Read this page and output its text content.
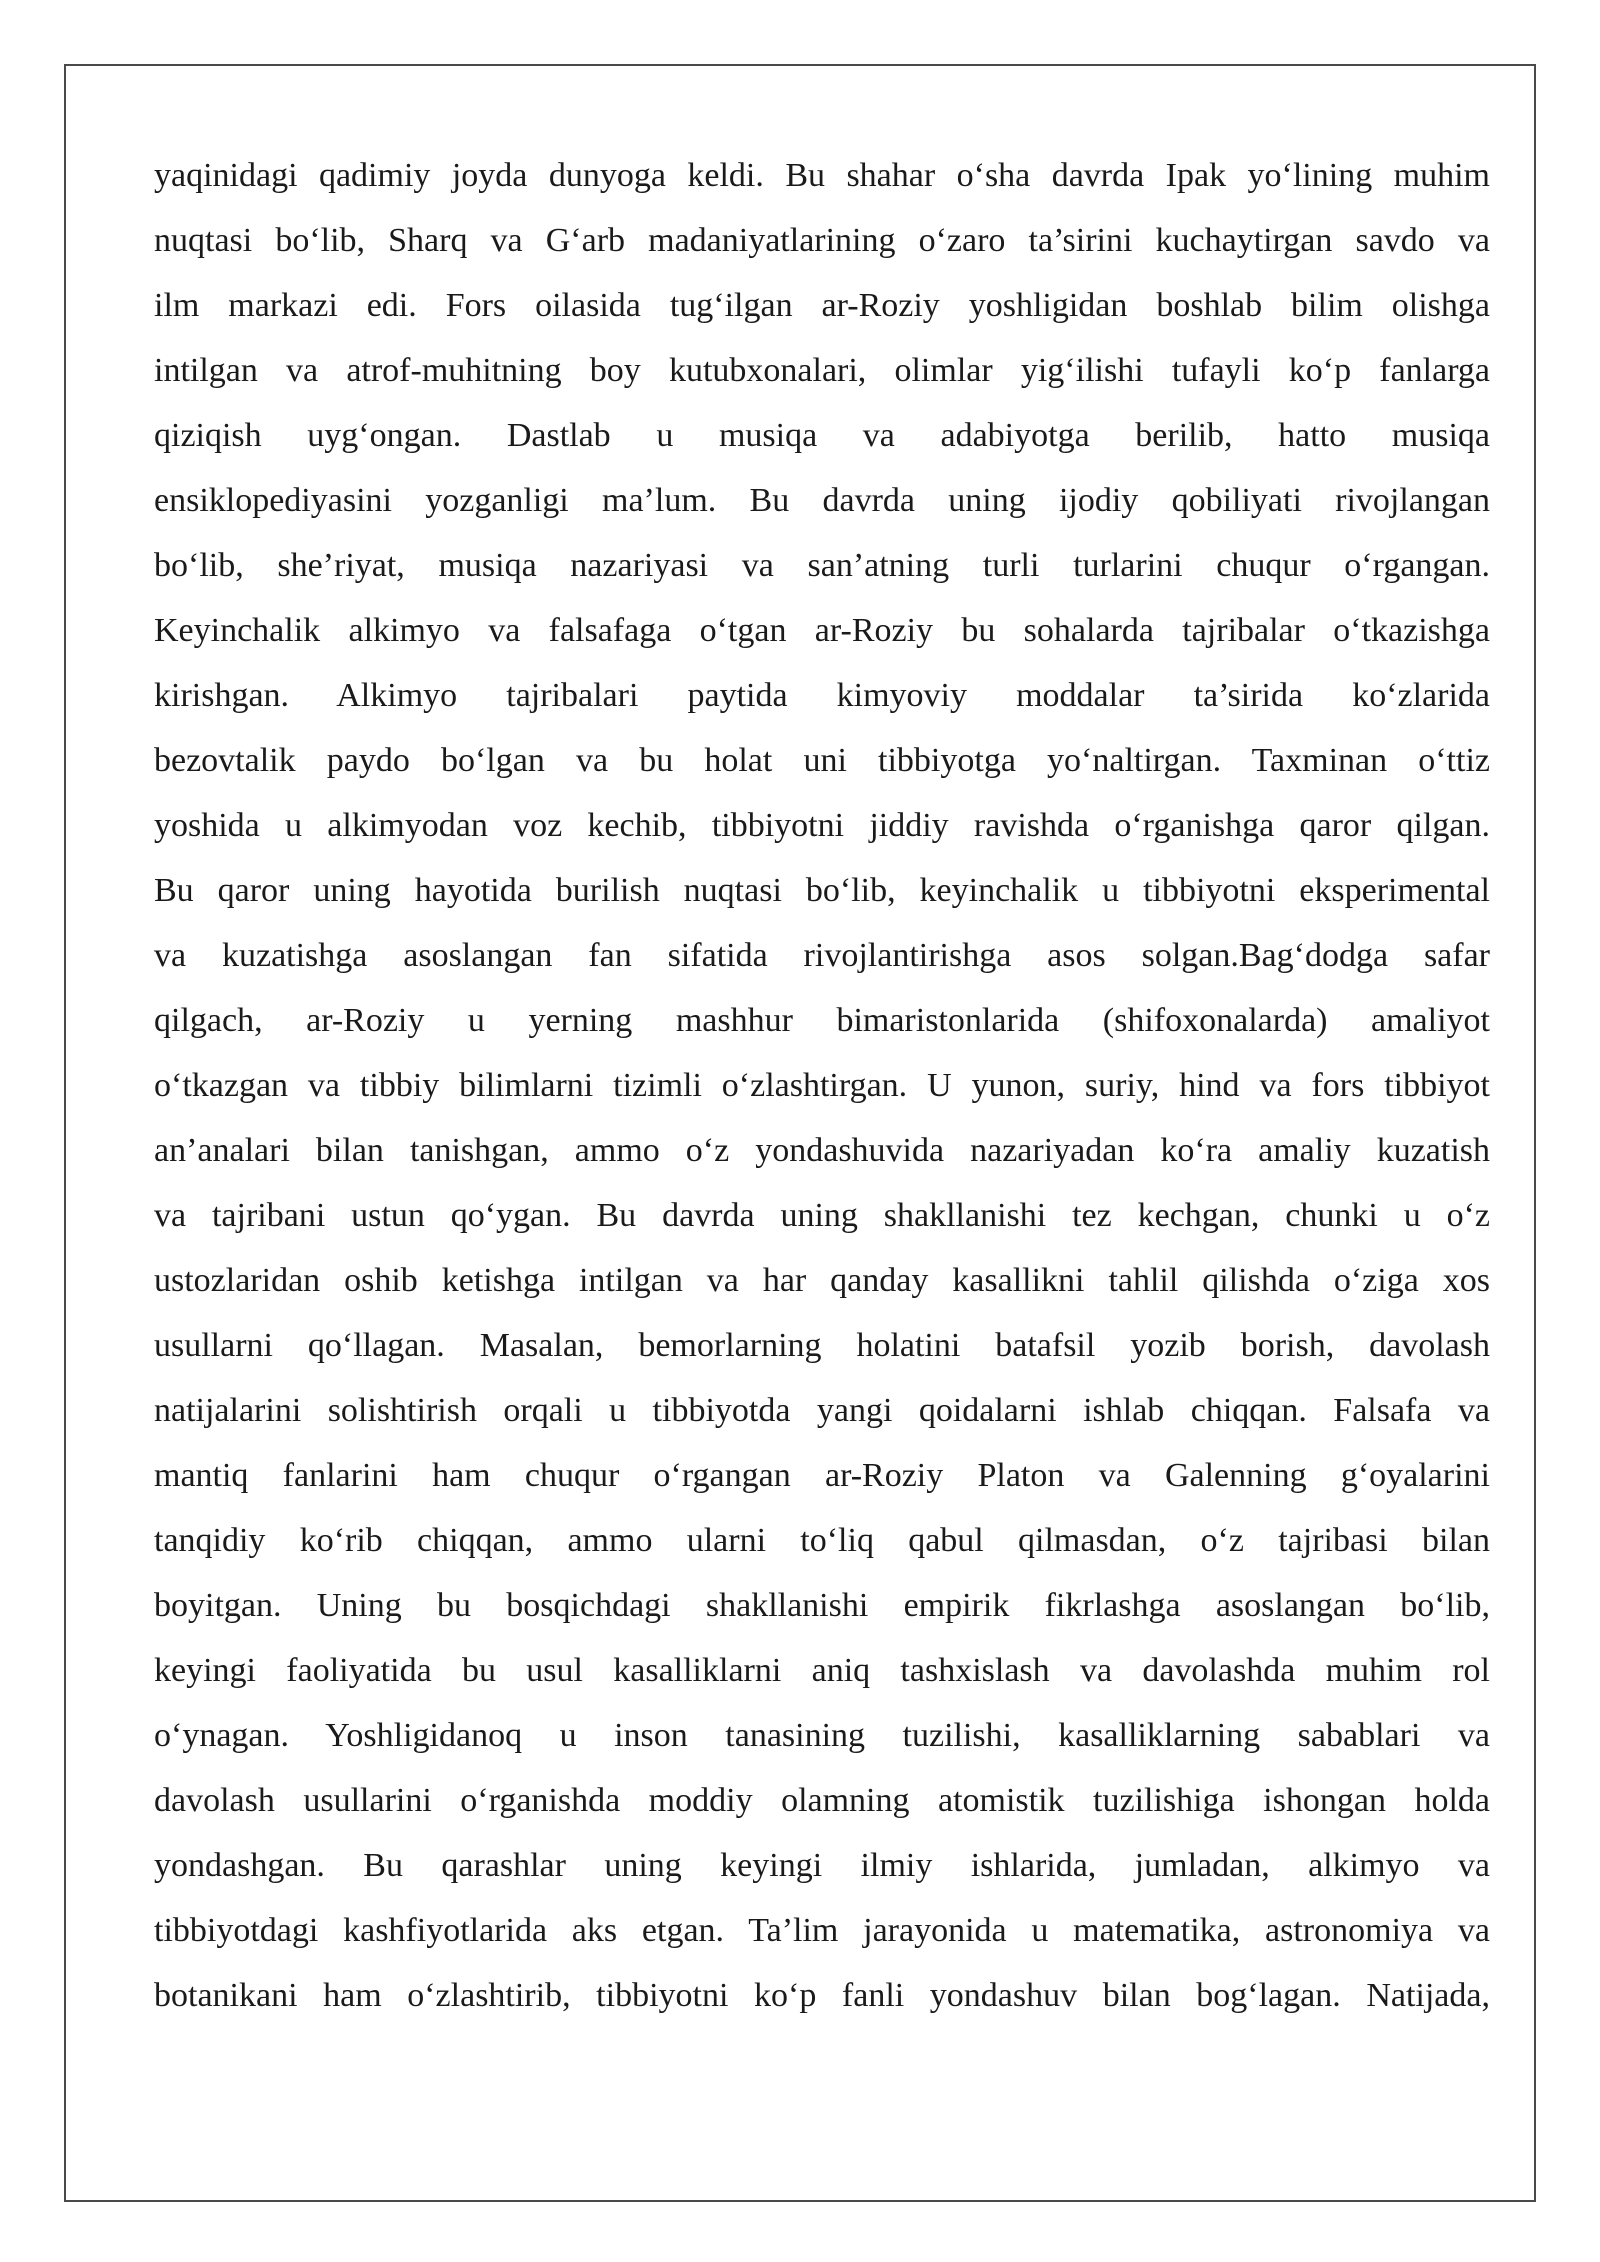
yaqinidagi qadimiy joyda dunyoga keldi. Bu shahar o‘sha davrda Ipak yo‘lining muhim
nuqtasi bo‘lib, Sharq va G‘arb madaniyatlarining o‘zaro ta’sirini kuchaytirgan savdo va
ilm markazi edi. Fors oilasida tug‘ilgan ar-Roziy yoshligidan boshlab bilim olishga
intilgan va atrof-muhitning boy kutubxonalari, olimlar yig‘ilishi tufayli ko‘p fanlarga
qiziqish uyg‘ongan. Dastlab u musiqa va adabiyotga berilib, hatto musiqa
ensiklopediyasini yozganligi ma’lum. Bu davrda uning ijodiy qobiliyati rivojlangan
bo‘lib, she’riyat, musiqa nazariyasi va san’atning turli turlarini chuqur o‘rgangan.
Keyinchalik alkimyo va falsafaga o‘tgan ar-Roziy bu sohalarda tajribalar o‘tkazishga
kirishgan. Alkimyo tajribalari paytida kimyoviy moddalar ta’sirida ko‘zlarida
bezovtalik paydo bo‘lgan va bu holat uni tibbiyotga yo‘naltirgan. Taxminan o‘ttiz
yoshida u alkimyodan voz kechib, tibbiyotni jiddiy ravishda o‘rganishga qaror qilgan.
Bu qaror uning hayotida burilish nuqtasi bo‘lib, keyinchalik u tibbiyotni eksperimental
va kuzatishga asoslangan fan sifatida rivojlantirishga asos solgan.Bag‘dodga safar
qilgach, ar-Roziy u yerning mashhur bimaristonlarida (shifoxonalarda) amaliyot
o‘tkazgan va tibbiy bilimlarni tizimli o‘zlashtirgan. U yunon, suriy, hind va fors tibbiyot
an’analari bilan tanishgan, ammo o‘z yondashuvida nazariyadan ko‘ra amaliy kuzatish
va tajribani ustun qo‘ygan. Bu davrda uning shakllanishi tez kechgan, chunki u o‘z
ustozlaridan oshib ketishga intilgan va har qanday kasallikni tahlil qilishda o‘ziga xos
usullarni qo‘llagan. Masalan, bemorlarning holatini batafsil yozib borish, davolash
natijalarini solishtirish orqali u tibbiyotda yangi qoidalarni ishlab chiqqan. Falsafa va
mantiq fanlarini ham chuqur o‘rgangan ar-Roziy Platon va Galenning g‘oyalarini
tanqidiy ko‘rib chiqqan, ammo ularni to‘liq qabul qilmasdan, o‘z tajribasi bilan
boyitgan. Uning bu bosqichdagi shakllanishi empirik fikrlashga asoslangan bo‘lib,
keyingi faoliyatida bu usul kasalliklarni aniq tashxislash va davolashda muhim rol
o‘ynagan. Yoshligidanoq u inson tanasining tuzilishi, kasalliklarning sabablari va
davolash usullarini o‘rganishda moddiy olamning atomistik tuzilishiga ishongan holda
yondashgan. Bu qarashlar uning keyingi ilmiy ishlarida, jumladan, alkimyo va
tibbiyotdagi kashfiyotlarida aks etgan. Ta’lim jarayonida u matematika, astronomiya va
botanikani ham o‘zlashtirib, tibbiyotni ko‘p fanli yondashuv bilan bog‘lagan. Natijada,
